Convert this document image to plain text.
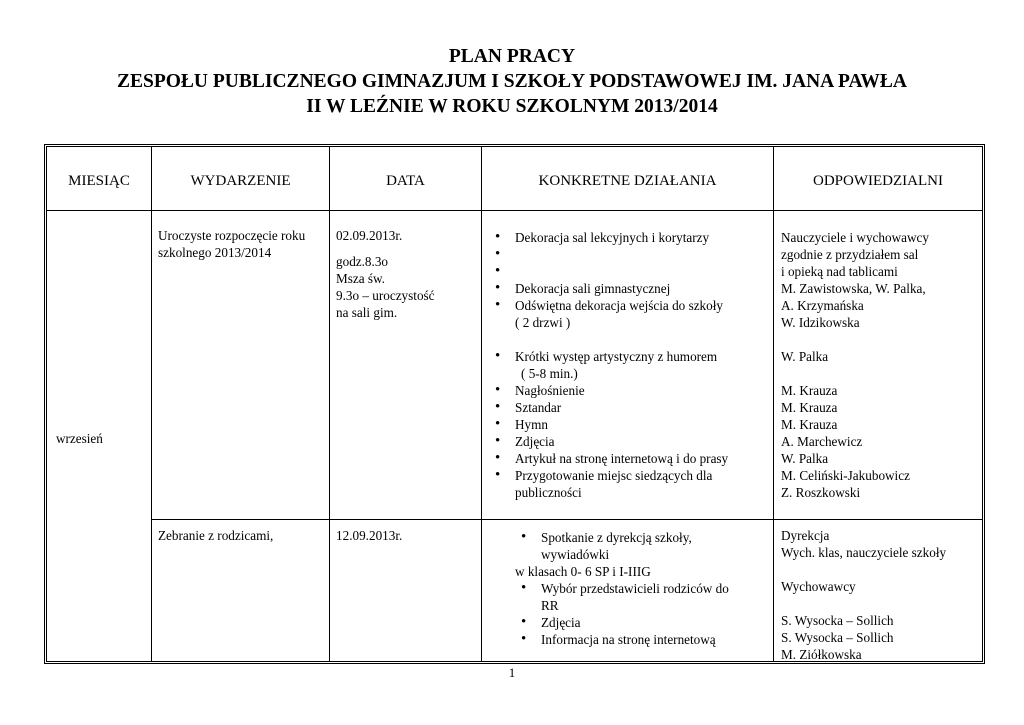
PLAN PRACY
ZESPOŁU PUBLICZNEGO GIMNAZJUM I SZKOŁY PODSTAWOWEJ IM. JANA PAWŁA
II W LEŹNIE W ROKU SZKOLNYM 2013/2014
MIESIĄC	WYDARZENIE	DATA	KONKRETNE DZIAŁANIA	ODPOWIEDZIALNI
wrzesień
Uroczyste rozpoczęcie roku
szkolnego 2013/2014
02.09.2013r.
godz.8.3o
Msza św.
9.3o – uroczystość
na sali gim.
• Dekoracja sal lekcyjnych i korytarzy
•
•
• Dekoracja sali gimnastycznej
• Odświętna dekoracja wejścia do szkoły
( 2 drzwi )
• Krótki występ artystyczny z humorem
( 5-8 min.)
• Nagłośnienie
• Sztandar
• Hymn
• Zdjęcia
• Artykuł na stronę internetową i do prasy
• Przygotowanie miejsc siedzących dla
publiczności
Nauczyciele i wychowawcy
zgodnie z przydziałem sal
i opieką nad tablicami
M. Zawistowska, W. Palka,
A. Krzymańska
W. Idzikowska
W. Palka
M. Krauza
M. Krauza
M. Krauza
A. Marchewicz
W. Palka
M. Celiński-Jakubowicz
Z. Roszkowski
Zebranie z rodzicami,	12.09.2013r.
•	Spotkanie z dyrekcją szkoły,
wywiadówki
w klasach 0- 6 SP i I-IIIG
• Wybór przedstawicieli rodziców do
RR
• Zdjęcia
• Informacja na stronę internetową
Dyrekcja
Wych. klas, nauczyciele szkoły
Wychowawcy
S. Wysocka – Sollich
S. Wysocka – Sollich
M. Ziółkowska
1
